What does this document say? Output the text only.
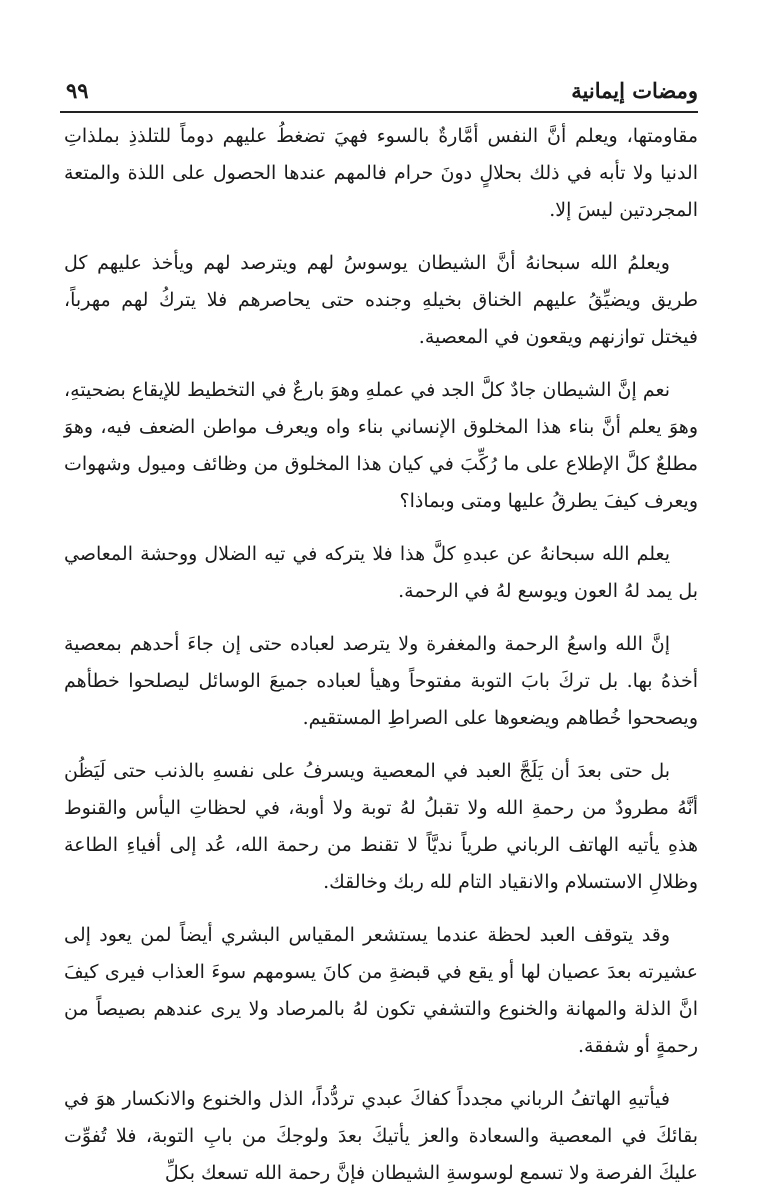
ومضات إيمانية
٩٩

مقاومتها، ويعلم أنَّ النفس أمَّارةٌ بالسوء فهيَ تضغطُ عليهم دوماً للتلذذِ بملذاتِ الدنيا ولا تأبه في ذلك بحلالٍ دونَ حرام فالمهم عندها الحصول على اللذة والمتعة المجردتين ليسَ إلا.

ويعلمُ الله سبحانهُ أنَّ الشيطان يوسوسُ لهم ويترصد لهم ويأخذ عليهم كل طريق ويضيِّقُ عليهم الخناق بخيلهِ وجنده حتى يحاصرهم فلا يتركُ لهم مهرباً، فيختل توازنهم ويقعون في المعصية.

نعم إنَّ الشيطان جادٌ كلَّ الجد في عملهِ وهوَ بارعٌ في التخطيط للإيقاع بضحيتهِ، وهوَ يعلم أنَّ بناء هذا المخلوق الإنساني بناء واه ويعرف مواطن الضعف فيه، وهوَ مطلعٌ كلَّ الإطلاع على ما رُكِّبَ في كيان هذا المخلوق من وظائف وميول وشهوات ويعرف كيفَ يطرقُ عليها ومتى وبماذا؟

يعلم الله سبحانهُ عن عبدهِ كلَّ هذا فلا يتركه في تيه الضلال ووحشة المعاصي بل يمد لهُ العون ويوسع لهُ في الرحمة.

إنَّ الله واسعُ الرحمة والمغفرة ولا يترصد لعباده حتى إن جاءَ أحدهم بمعصية أخذهُ بها. بل تركَ بابَ التوبة مفتوحاً وهيأ لعباده جميعَ الوسائل ليصلحوا خطأهم ويصححوا خُطاهم ويضعوها على الصراطِ المستقيم.

بل حتى بعدَ أن يَلَجَّ العبد في المعصية ويسرفُ على نفسهِ بالذنب حتى لَيَظُن أنَّهُ مطرودٌ من رحمةِ الله ولا تقبلُ لهُ توبة ولا أوبة، في لحظاتِ اليأس والقنوط هذهِ يأتيه الهاتف الرباني طرياً نديَّاً لا تقنط من رحمة الله، عُد إلى أفياءِ الطاعة وظلالِ الاستسلام والانقياد التام لله ربك وخالقك.

وقد يتوقف العبد لحظة عندما يستشعر المقياس البشري أيضاً لمن يعود إلى عشيرته بعدَ عصيان لها أو يقع في قبضةِ من كانَ يسومهم سوءَ العذاب فيرى كيفَ انَّ الذلة والمهانة والخنوع والتشفي تكون لهُ بالمرصاد ولا يرى عندهم بصيصاً من رحمةٍ أو شفقة.

فيأتيهِ الهاتفُ الرباني مجدداً كفاكَ عبدي تردُّداً، الذل والخنوع والانكسار هوَ في بقائكَ في المعصية والسعادة والعز يأتيكَ بعدَ ولوجكَ من بابِ التوبة، فلا تُفوِّت عليكَ الفرصة ولا تسمع لوسوسةِ الشيطان فإنَّ رحمة الله تسعك بكلِّ
